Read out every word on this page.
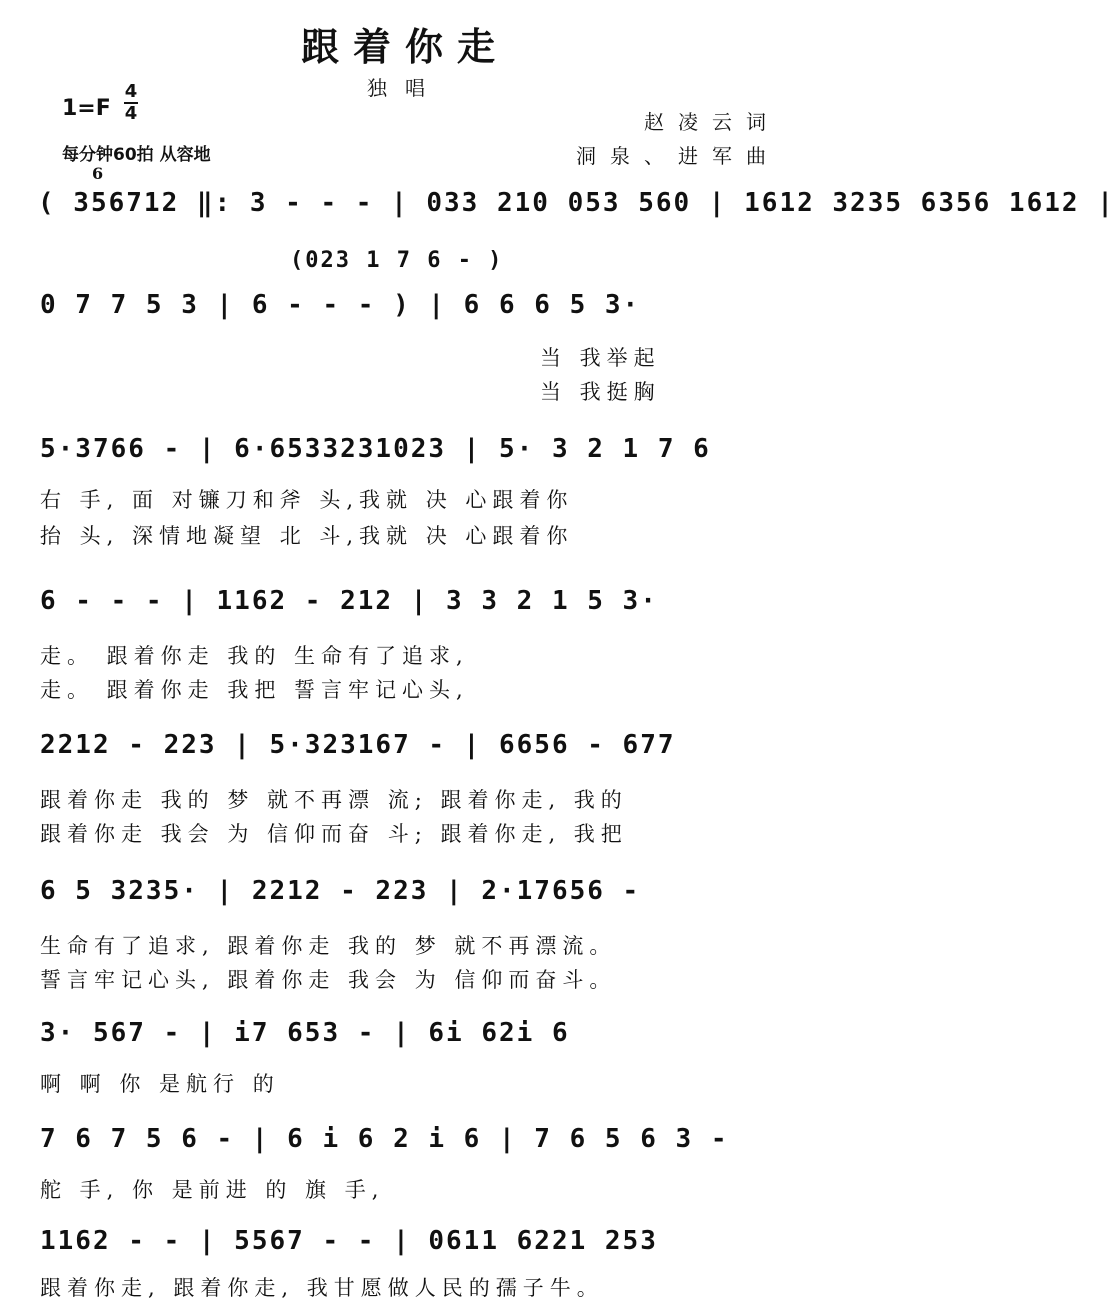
跟着你走
独唱
1=F
4
4
每分钟60拍 从容地
赵凌云词
洞泉、进军曲
( 356712 ‖: 3 - - - | 033 210 053 560 | 1612 3235 6356 1612 |
6
(023 1 7 6 - )
0 7 7 5 3 | 6 - - - ) | 6 6 6 5 3·
当 我举起
当 我挺胸
5·3766 - | 6·6533231023 | 5· 3 2 1 7 6
右 手, 面 对镰刀和斧 头,我就 决 心跟着你
抬 头, 深情地凝望 北 斗,我就 决 心跟着你
6 - - - | 1162 - 212 | 3 3 2 1 5 3·
走。 跟着你走 我的 生命有了追求,
走。 跟着你走 我把 誓言牢记心头,
2212 - 223 | 5·323167 - | 6656 - 677
跟着你走 我的 梦 就不再漂 流; 跟着你走, 我的
跟着你走 我会 为 信仰而奋 斗; 跟着你走, 我把
6 5 3235· | 2212 - 223 | 2·17656 -
生命有了追求, 跟着你走 我的 梦 就不再漂流。
誓言牢记心头, 跟着你走 我会 为 信仰而奋斗。
3· 567 - | i7 653 - | 6i 62i 6
啊 啊 你 是航行 的
7 6 7 5 6 - | 6 i 6 2 i 6 | 7 6 5 6 3 -
舵 手, 你 是前进 的 旗 手,
1162 - - | 5567 - - | 0611 6221 253
跟着你走, 跟着你走, 我甘愿做人民的孺子牛。
